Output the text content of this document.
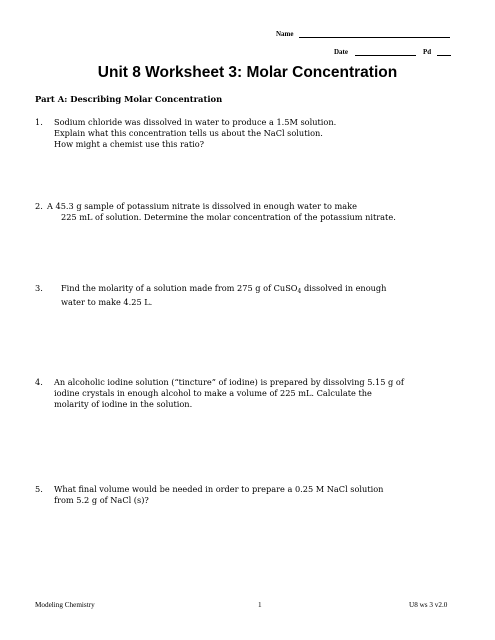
Name
Date	Pd
Unit 8 Worksheet 3: Molar Concentration
Part A: Describing Molar Concentration
1. Sodium chloride was dissolved in water to produce a 1.5M solution.
Explain what this concentration tells us about the NaCl solution.
How might a chemist use this ratio?
2. A 45.3 g sample of potassium nitrate is dissolved in enough water to make
225 mL of solution. Determine the molar concentration of the potassium nitrate.
3. Find the molarity of a solution made from 275 g of CuSO$_4$ dissolved in enough
water to make 4.25 L.
4. An alcoholic iodine solution (“tincture” of iodine) is prepared by dissolving 5.15 g of
iodine crystals in enough alcohol to make a volume of 225 mL. Calculate the
molarity of iodine in the solution.
5. What final volume would be needed in order to prepare a 0.25 M NaCl solution
from 5.2 g of NaCl (s)?
Modeling Chemistry	1	U8 ws 3 v2.0
